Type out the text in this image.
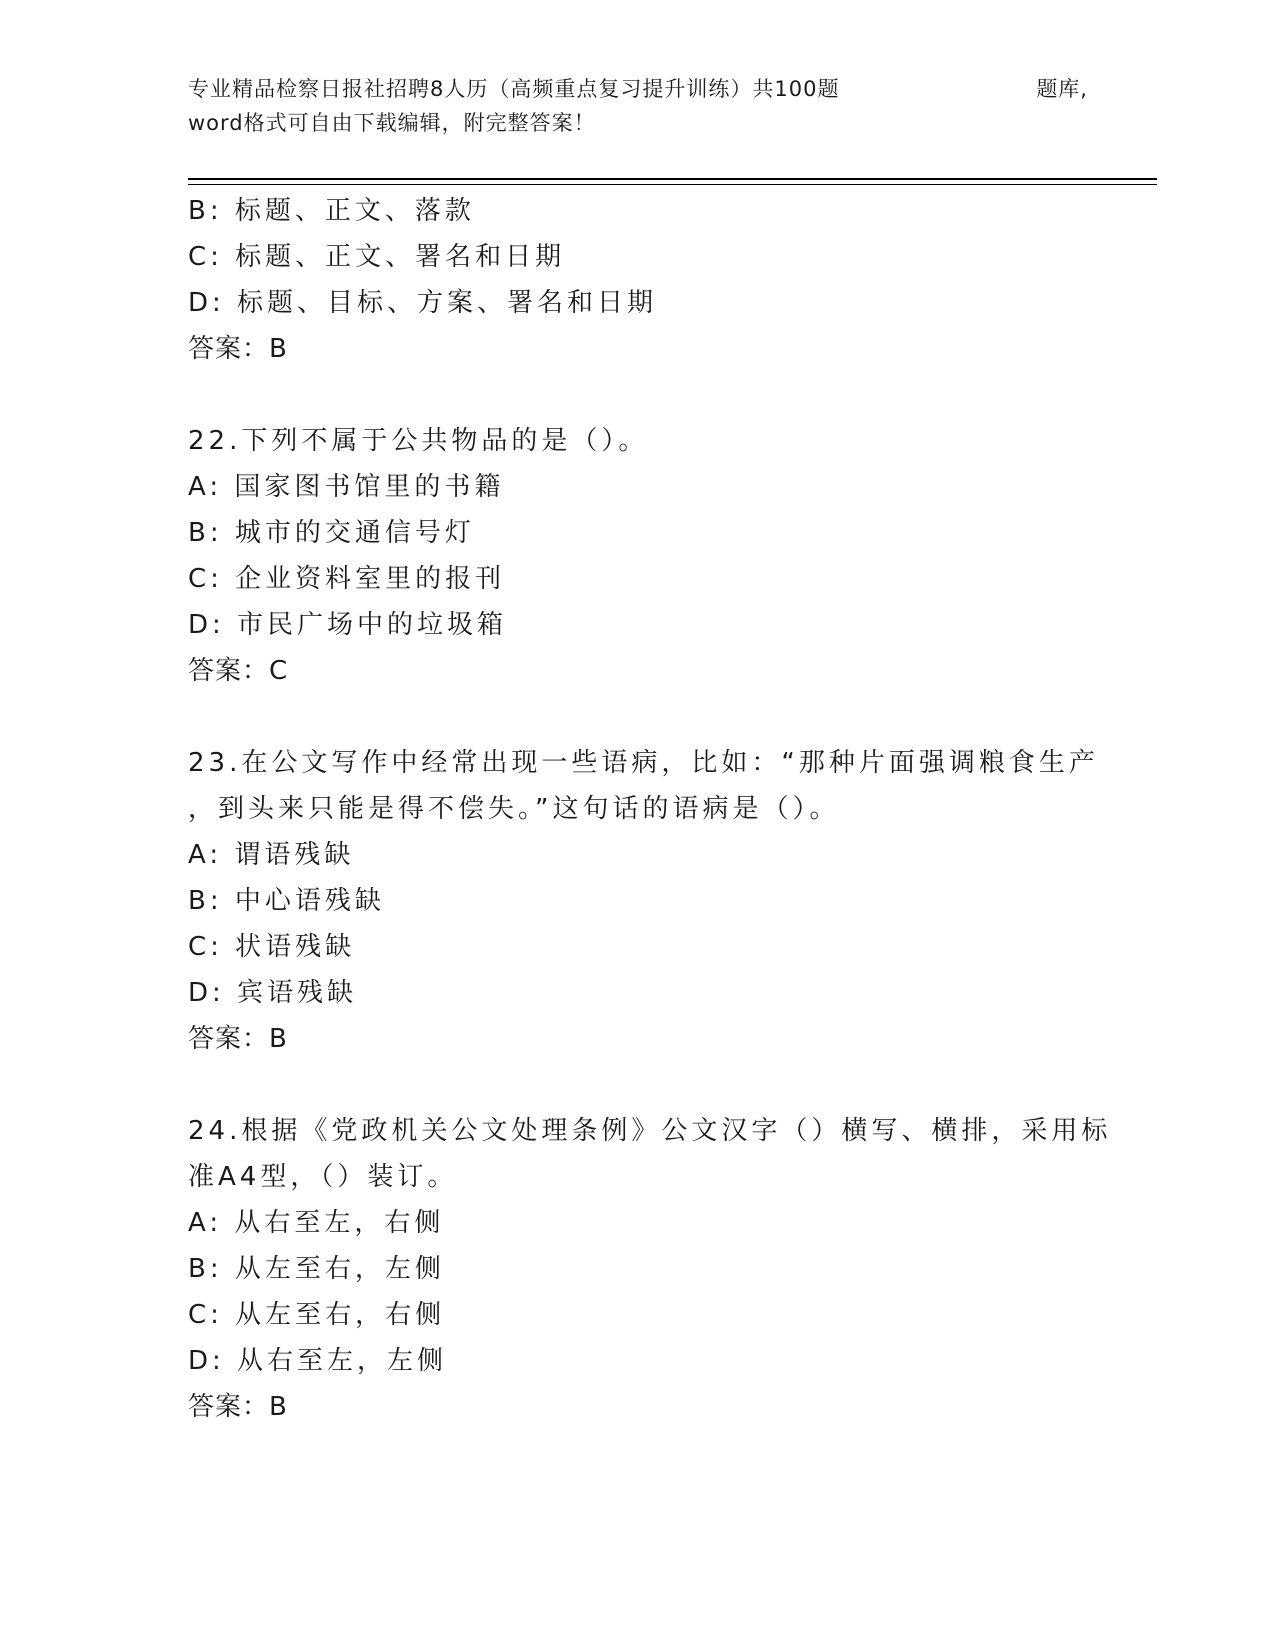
专业精品检察日报社招聘8人历（高频重点复习提升训练）共100题	题库,
word格式可自由下载编辑，附完整答案！
B: 标题、正文、落款
C: 标题、正文、署名和日期
D: 标题、目标、方案、署名和日期
答案：B
22.下列不属于公共物品的是（）。
A: 国家图书馆里的书籍
B: 城市的交通信号灯
C: 企业资料室里的报刊
D: 市民广场中的垃圾箱
答案：C
23.在公文写作中经常出现一些语病，比如：“那种片面强调粮食生产
，到头来只能是得不偿失。”这句话的语病是（）。
A: 谓语残缺
B: 中心语残缺
C: 状语残缺
D: 宾语残缺
答案：B
24.根据《党政机关公文处理条例》公文汉字（）横写、横排，采用标
准A4型，（）装订。
A: 从右至左，右侧
B: 从左至右，左侧
C: 从左至右，右侧
D: 从右至左，左侧
答案：B
